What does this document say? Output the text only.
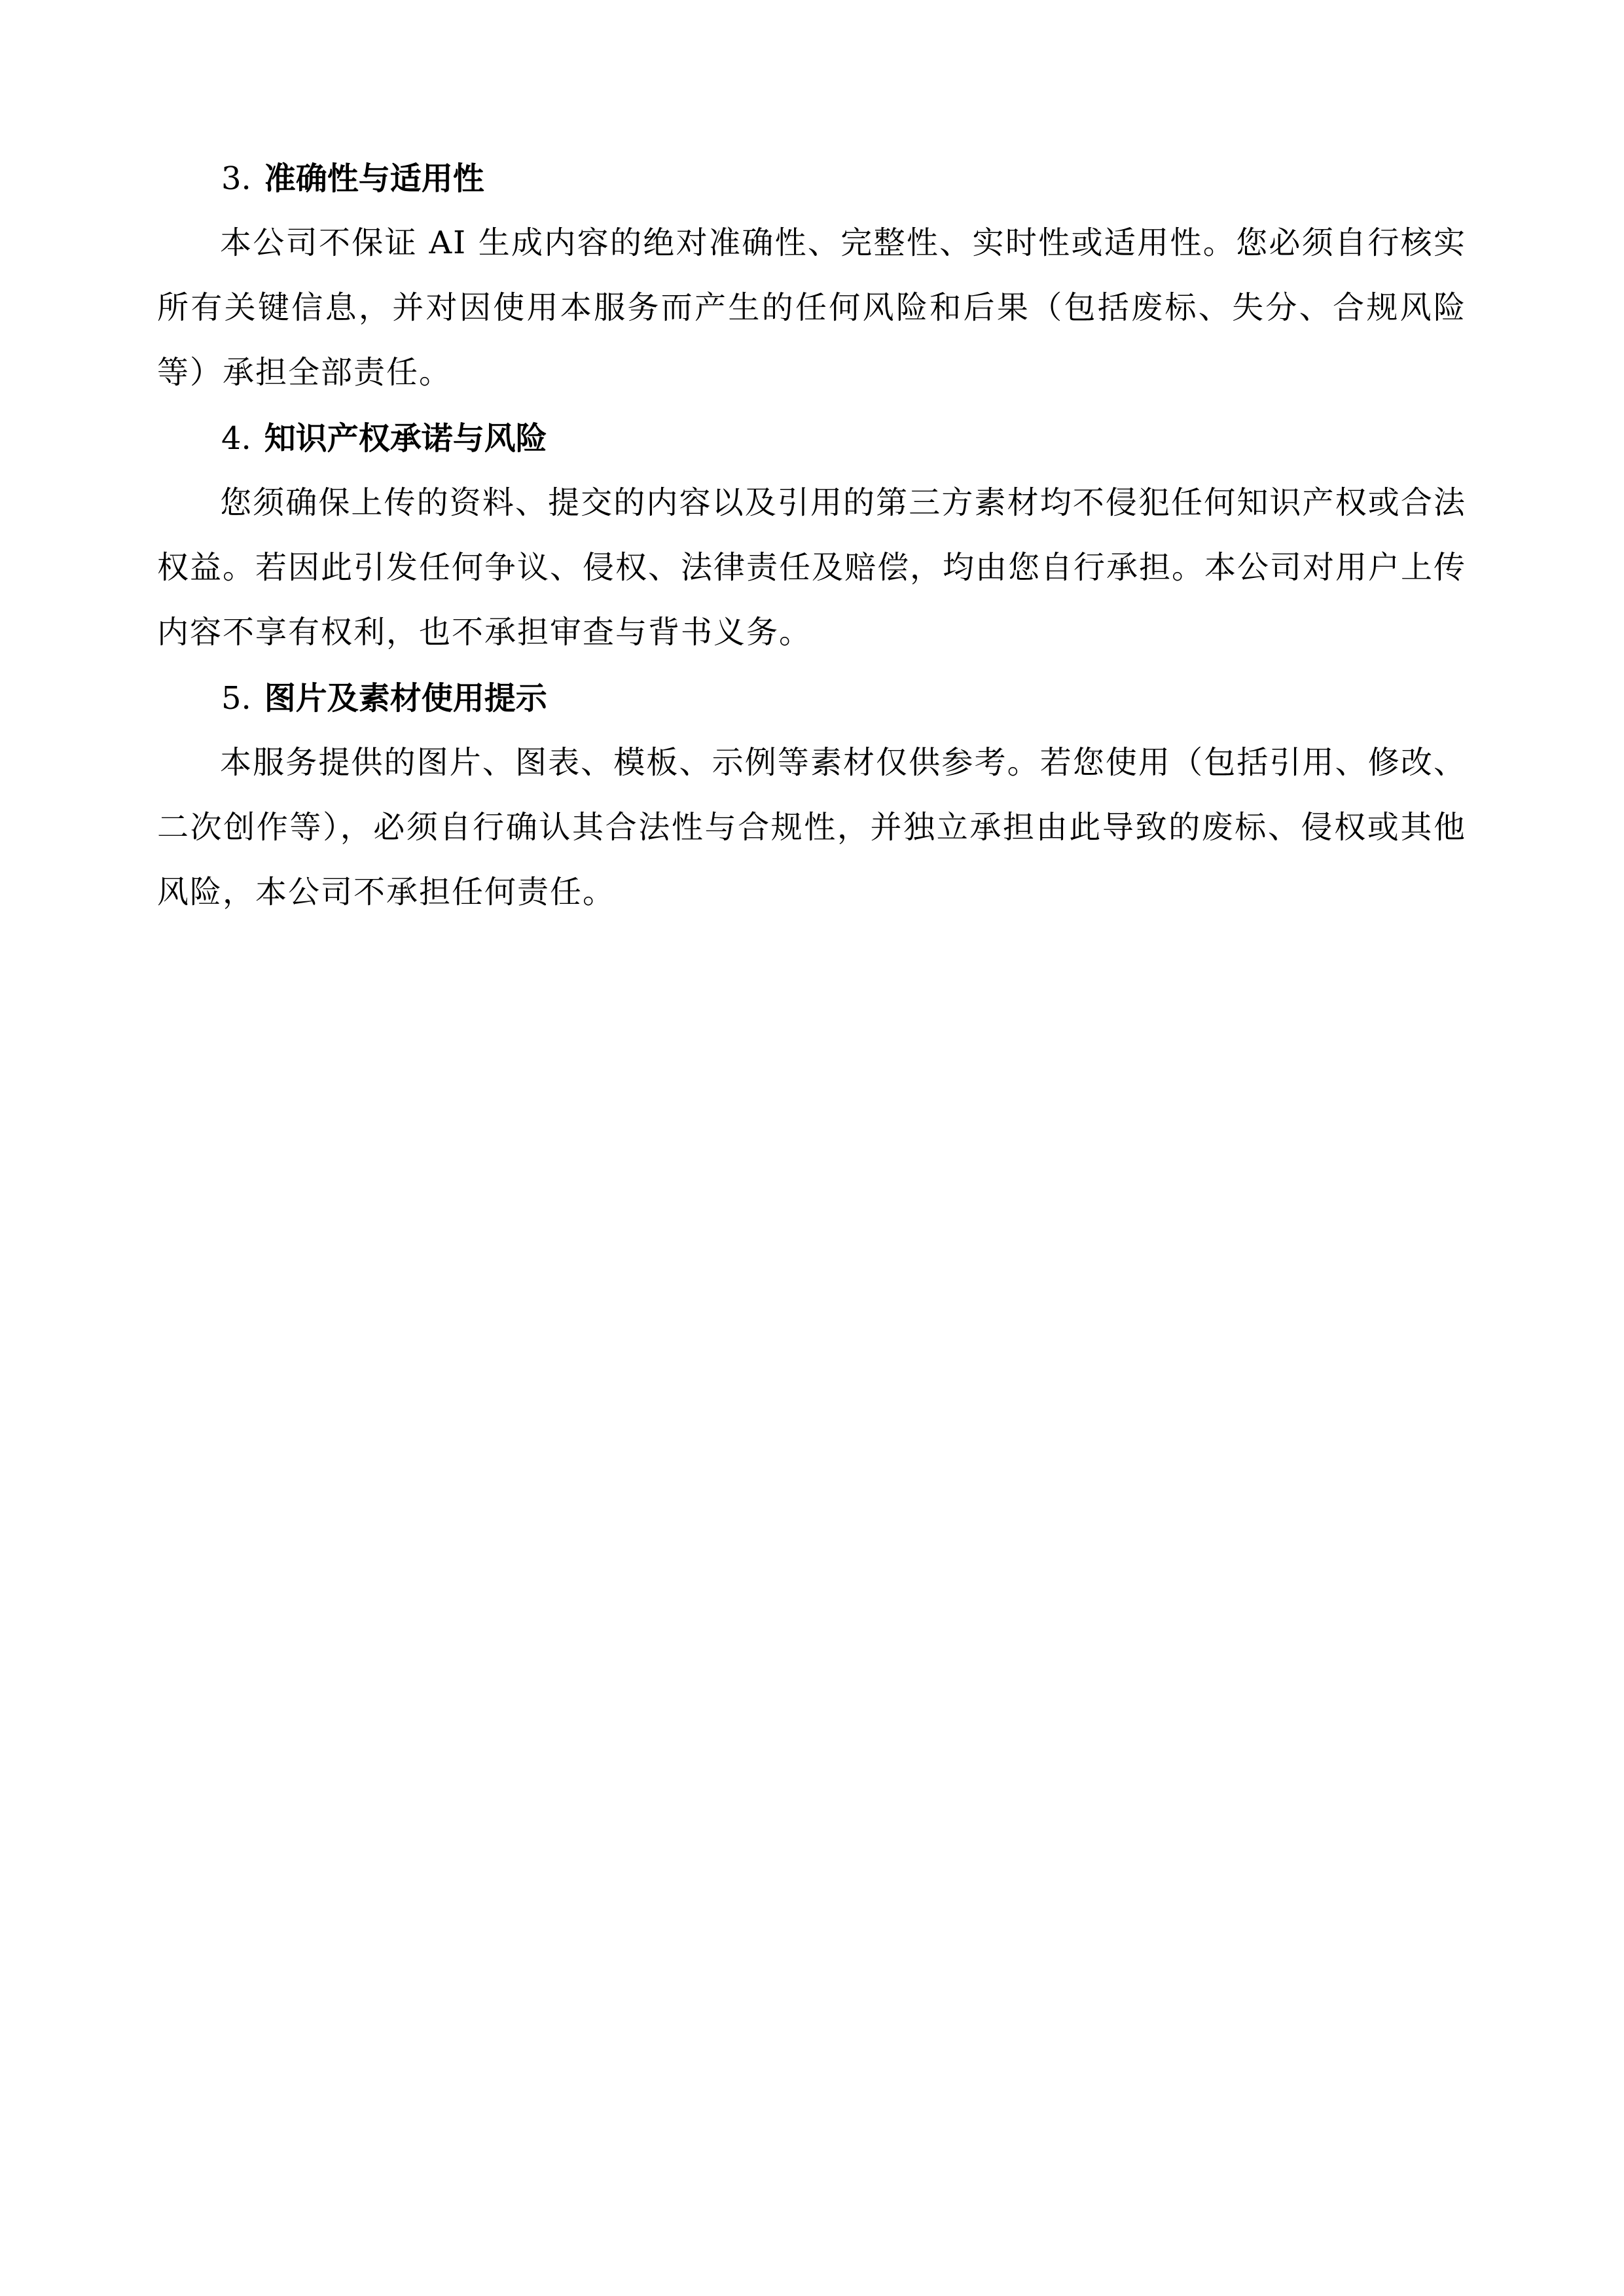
3. 准确性与适用性

本公司不保证 AI 生成内容的绝对准确性、完整性、实时性或适用性。您必须自行核实所有关键信息，并对因使用本服务而产生的任何风险和后果（包括废标、失分、合规风险等）承担全部责任。

4. 知识产权承诺与风险

您须确保上传的资料、提交的内容以及引用的第三方素材均不侵犯任何知识产权或合法权益。若因此引发任何争议、侵权、法律责任及赔偿，均由您自行承担。本公司对用户上传内容不享有权利，也不承担审查与背书义务。

5. 图片及素材使用提示

本服务提供的图片、图表、模板、示例等素材仅供参考。若您使用（包括引用、修改、二次创作等），必须自行确认其合法性与合规性，并独立承担由此导致的废标、侵权或其他风险，本公司不承担任何责任。
